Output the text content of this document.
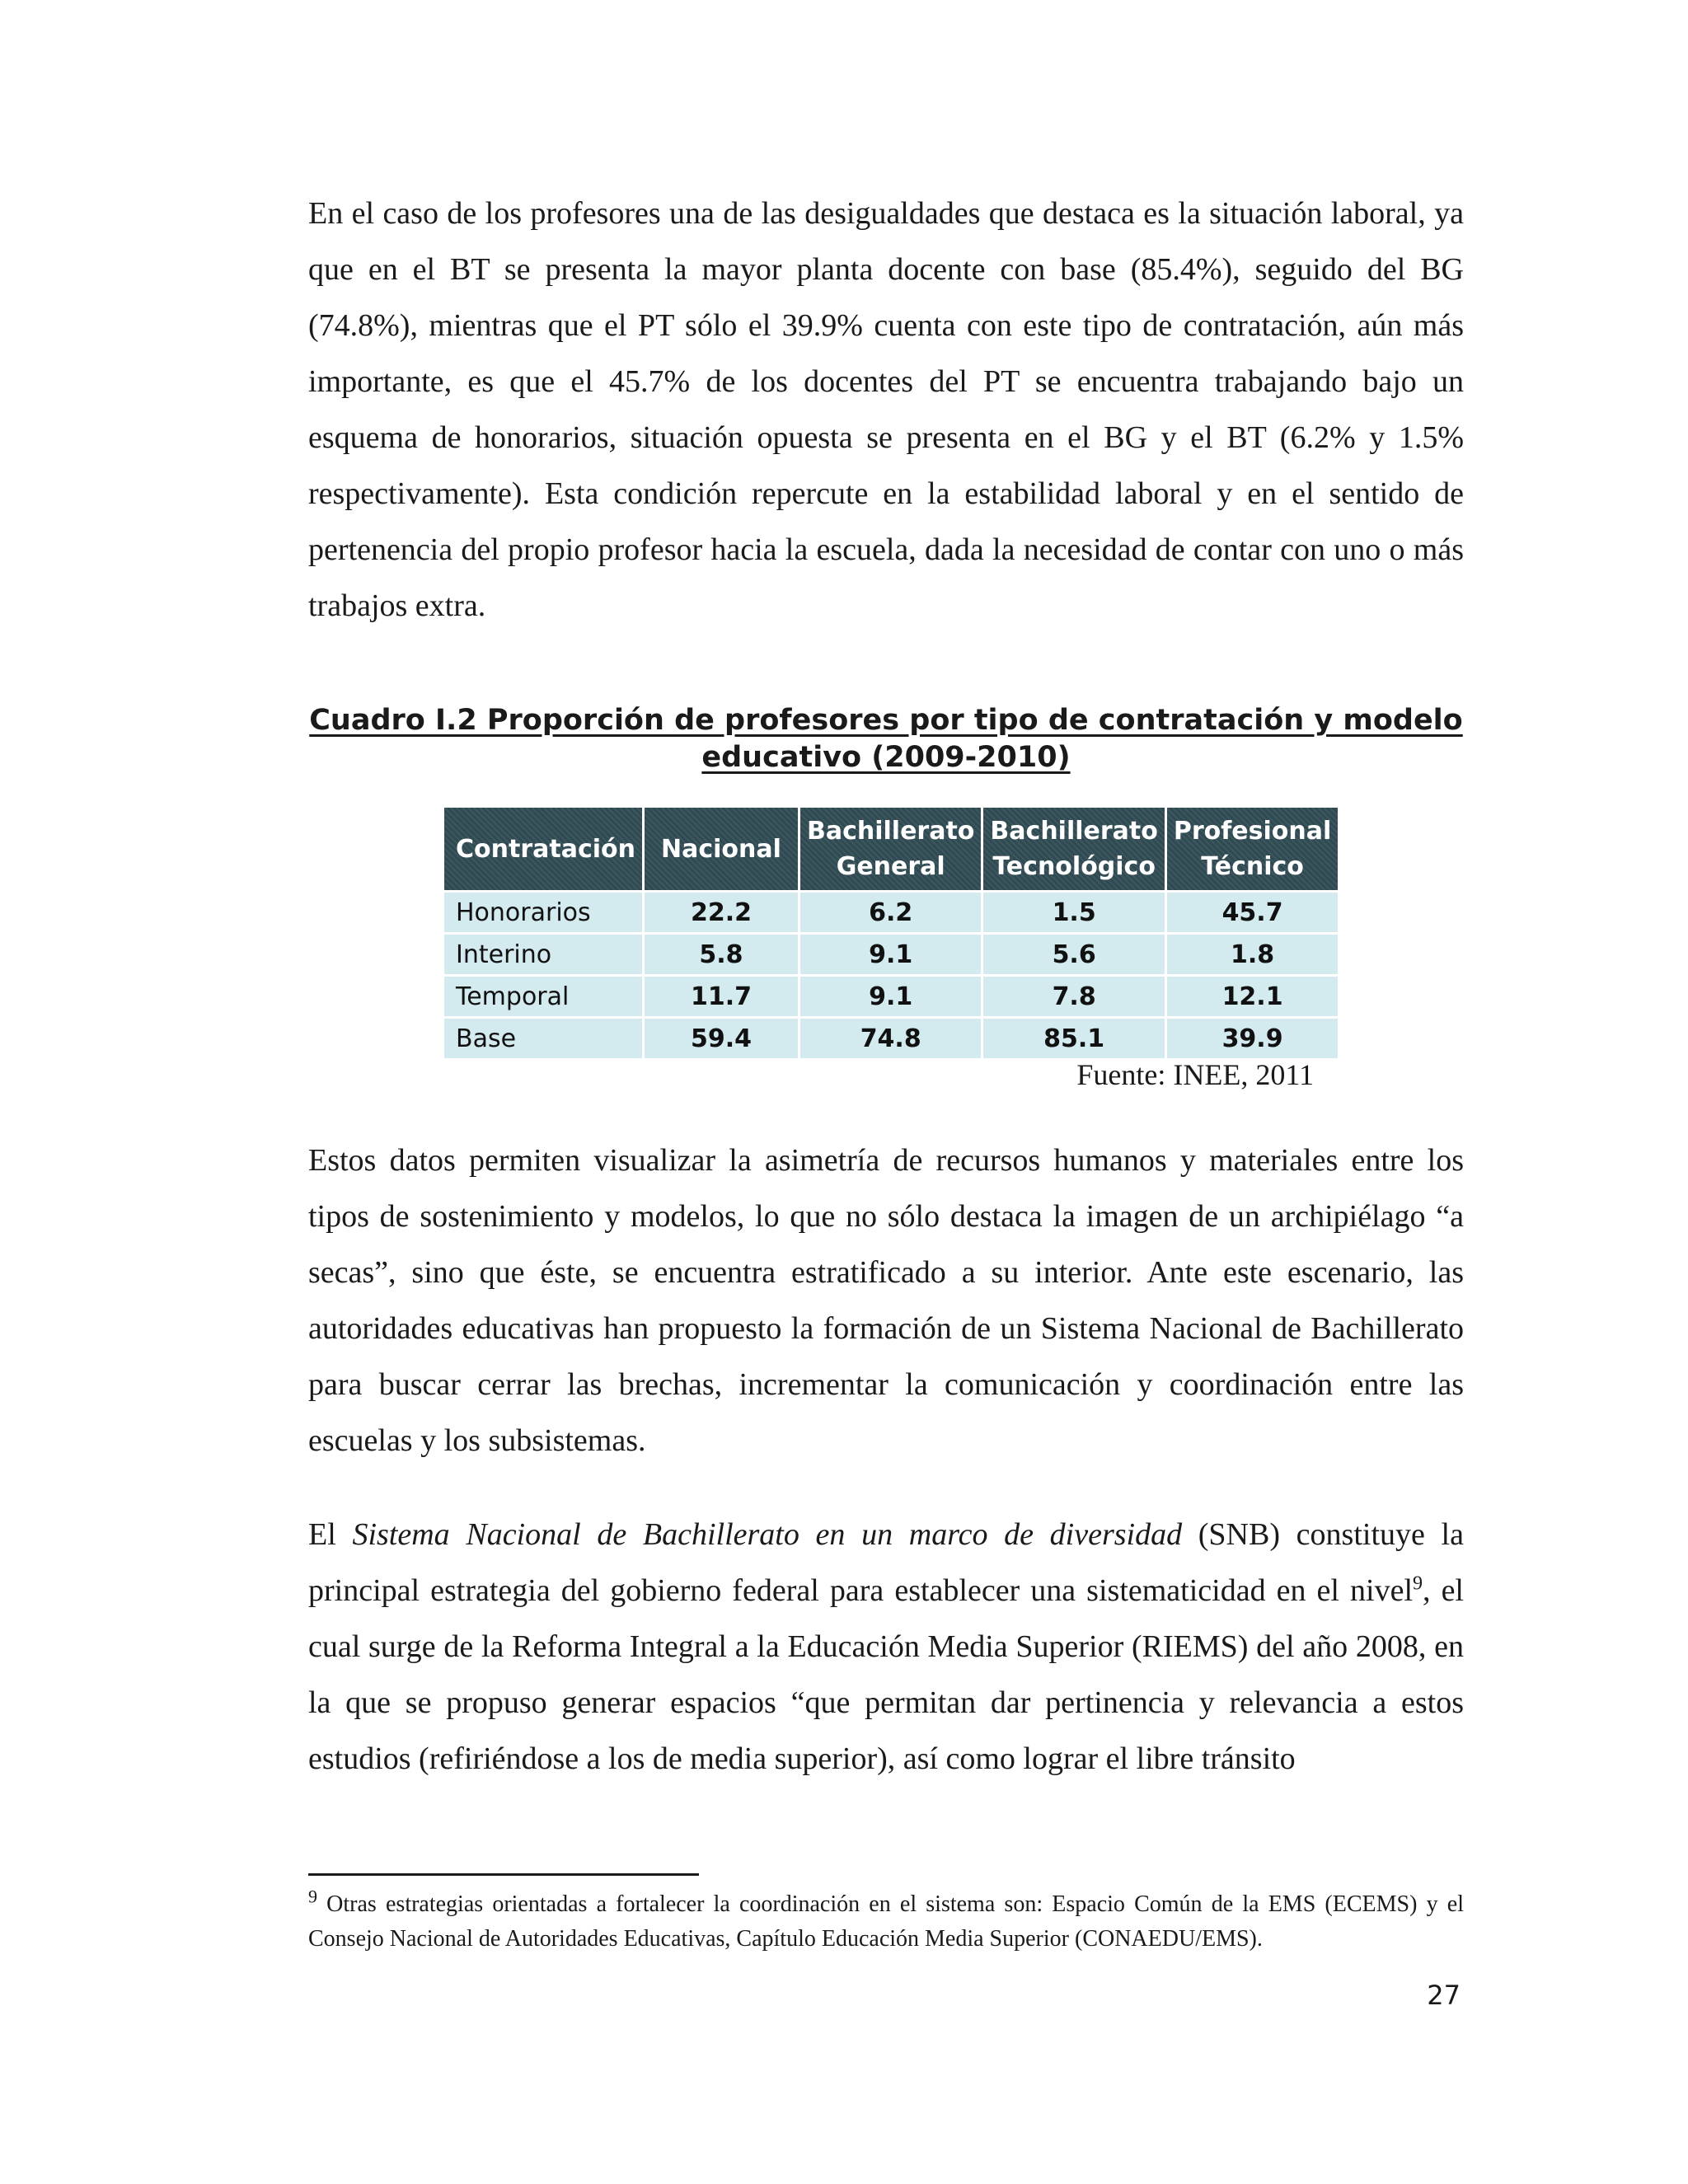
En el caso de los profesores una de las desigualdades que destaca es la situación laboral, ya que en el BT se presenta la mayor planta docente con base (85.4%), seguido del BG (74.8%), mientras que el PT sólo el 39.9% cuenta con este tipo de contratación, aún más importante, es que el 45.7% de los docentes del PT se encuentra trabajando bajo un esquema de honorarios, situación opuesta se presenta en el BG y el BT (6.2% y 1.5% respectivamente). Esta condición repercute en la estabilidad laboral y en el sentido de pertenencia del propio profesor hacia la escuela, dada la necesidad de contar con uno o más trabajos extra.

Cuadro I.2 Proporción de profesores por tipo de contratación y modelo educativo (2009-2010)

Contratación	Nacional	Bachillerato General	Bachillerato Tecnológico	Profesional Técnico
Honorarios	22.2	6.2	1.5	45.7
Interino	5.8	9.1	5.6	1.8
Temporal	11.7	9.1	7.8	12.1
Base	59.4	74.8	85.1	39.9

Fuente: INEE, 2011

Estos datos permiten visualizar la asimetría de recursos humanos y materiales entre los tipos de sostenimiento y modelos, lo que no sólo destaca la imagen de un archipiélago “a secas”, sino que éste, se encuentra estratificado a su interior. Ante este escenario, las autoridades educativas han propuesto la formación de un Sistema Nacional de Bachillerato para buscar cerrar las brechas, incrementar la comunicación y coordinación entre las escuelas y los subsistemas.

El Sistema Nacional de Bachillerato en un marco de diversidad (SNB) constituye la principal estrategia del gobierno federal para establecer una sistematicidad en el nivel$^9$, el cual surge de la Reforma Integral a la Educación Media Superior (RIEMS) del año 2008, en la que se propuso generar espacios “que permitan dar pertinencia y relevancia a estos estudios (refiriéndose a los de media superior), así como lograr el libre tránsito

$^9$ Otras estrategias orientadas a fortalecer la coordinación en el sistema son: Espacio Común de la EMS (ECEMS) y el Consejo Nacional de Autoridades Educativas, Capítulo Educación Media Superior (CONAEDU/EMS).

27
